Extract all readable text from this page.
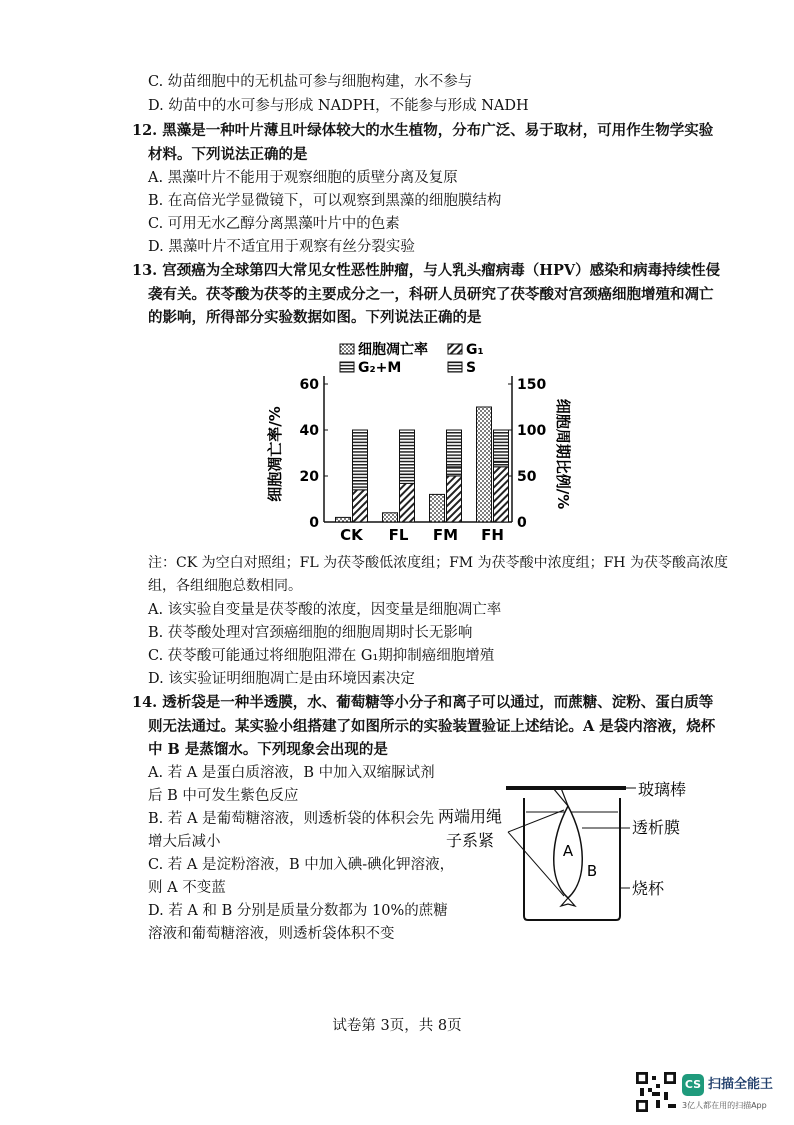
C. 幼苗细胞中的无机盐可参与细胞构建，水不参与
D. 幼苗中的水可参与形成 NADPH，不能参与形成 NADH
12. 黑藻是一种叶片薄且叶绿体较大的水生植物，分布广泛、易于取材，可用作生物学实验
材料。下列说法正确的是
A. 黑藻叶片不能用于观察细胞的质壁分离及复原
B. 在高倍光学显微镜下，可以观察到黑藻的细胞膜结构
C. 可用无水乙醇分离黑藻叶片中的色素
D. 黑藻叶片不适宜用于观察有丝分裂实验
13. 宫颈癌为全球第四大常见女性恶性肿瘤，与人乳头瘤病毒（HPV）感染和病毒持续性侵
袭有关。茯苓酸为茯苓的主要成分之一，科研人员研究了茯苓酸对宫颈癌细胞增殖和凋亡
的影响，所得部分实验数据如图。下列说法正确的是
细胞凋亡率	G₁
G₂+M	S
细胞凋亡率/%	细胞周期比例/%
0
20
40
60
0
50
100
150
CK FL FM FH
注：CK 为空白对照组；FL 为茯苓酸低浓度组；FM 为茯苓酸中浓度组；FH 为茯苓酸高浓度
组，各组细胞总数相同。
A. 该实验自变量是茯苓酸的浓度，因变量是细胞凋亡率
B. 茯苓酸处理对宫颈癌细胞的细胞周期时长无影响
C. 茯苓酸可能通过将细胞阻滞在 G₁期抑制癌细胞增殖
D. 该实验证明细胞凋亡是由环境因素决定
14. 透析袋是一种半透膜，水、葡萄糖等小分子和离子可以通过，而蔗糖、淀粉、蛋白质等
则无法通过。某实验小组搭建了如图所示的实验装置验证上述结论。A 是袋内溶液，烧杯
中 B 是蒸馏水。下列现象会出现的是
A. 若 A 是蛋白质溶液，B 中加入双缩脲试剂
后 B 中可发生紫色反应
B. 若 A 是葡萄糖溶液，则透析袋的体积会先
增大后减小
C. 若 A 是淀粉溶液，B 中加入碘-碘化钾溶液，
则 A 不变蓝
D. 若 A 和 B 分别是质量分数都为 10%的蔗糖
溶液和葡萄糖溶液，则透析袋体积不变
A
B
玻璃棒
透析膜
烧杯
两端用绳
子系紧
试卷第 3页，共 8页
CS 扫描全能王
3亿人都在用的扫描App
